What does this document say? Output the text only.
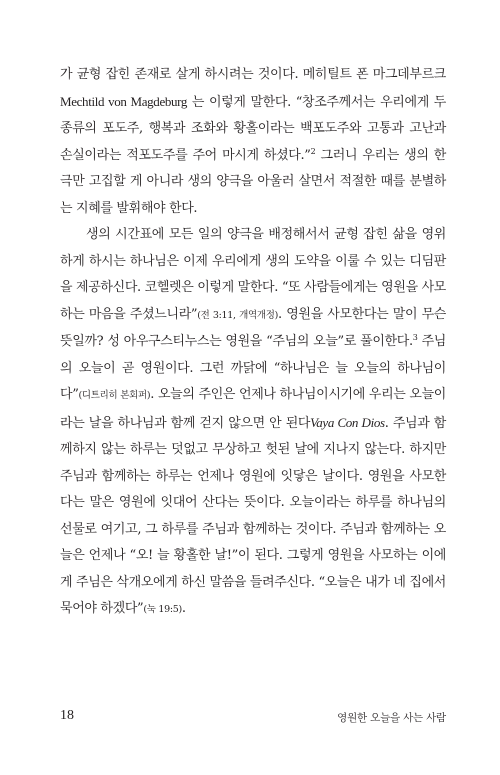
가 균형 잡힌 존재로 살게 하시려는 것이다. 메히틸트 폰 마그데부르크Mechtild von Magdeburg 는 이렇게 말한다. “창조주께서는 우리에게 두 종류의 포도주, 행복과 조화와 황홀이라는 백포도주와 고통과 고난과 손실이라는 적포도주를 주어 마시게 하셨다.”$^2$ 그러니 우리는 생의 한 극만 고집할 게 아니라 생의 양극을 아울러 살면서 적절한 때를 분별하는 지혜를 발휘해야 한다.

생의 시간표에 모든 일의 양극을 배정해서서 균형 잡힌 삶을 영위하게 하시는 하나님은 이제 우리에게 생의 도약을 이룰 수 있는 디딤판을 제공하신다. 코헬렛은 이렇게 말한다. “또 사람들에게는 영원을 사모하는 마음을 주셨느니라”(전 3:11, 개역개정). 영원을 사모한다는 말이 무슨 뜻일까? 성 아우구스티누스는 영원을 “주님의 오늘”로 풀이한다.$^3$ 주님의 오늘이 곧 영원이다. 그런 까닭에 “하나님은 늘 오늘의 하나님이다”(디트리히 본회퍼). 오늘의 주인은 언제나 하나님이시기에 우리는 오늘이라는 날을 하나님과 함께 걷지 않으면 안 된다Vaya Con Dios. 주님과 함께하지 않는 하루는 덧없고 무상하고 헛된 날에 지나지 않는다. 하지만 주님과 함께하는 하루는 언제나 영원에 잇닿은 날이다. 영원을 사모한다는 말은 영원에 잇대어 산다는 뜻이다. 오늘이라는 하루를 하나님의 선물로 여기고, 그 하루를 주님과 함께하는 것이다. 주님과 함께하는 오늘은 언제나 “오! 늘 황홀한 날!”이 된다. 그렇게 영원을 사모하는 이에게 주님은 삭개오에게 하신 말씀을 들려주신다. “오늘은 내가 네 집에서 묵어야 하겠다”(눅 19:5).

18	영원한 오늘을 사는 사람
